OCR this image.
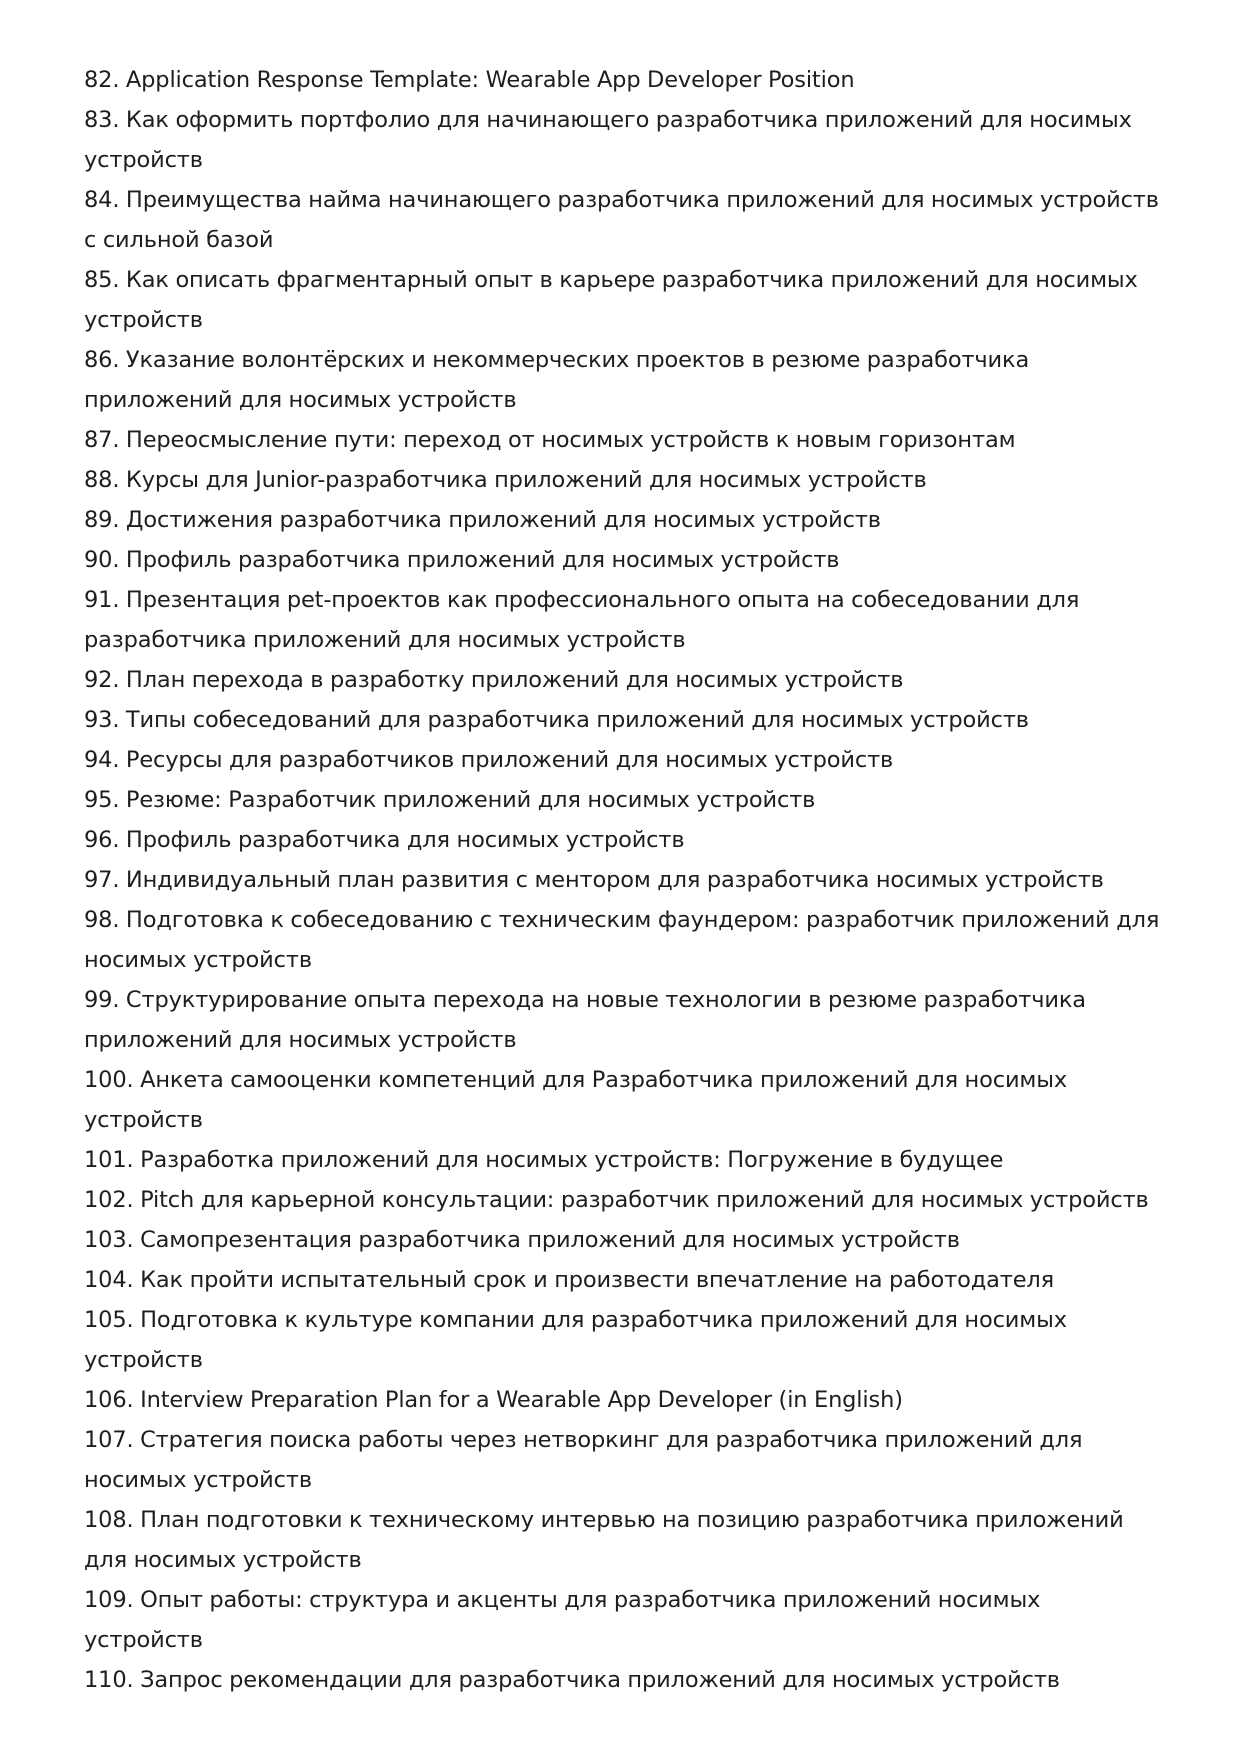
82. Application Response Template: Wearable App Developer Position
83. Как оформить портфолио для начинающего разработчика приложений для носимых устройств
84. Преимущества найма начинающего разработчика приложений для носимых устройств с сильной базой
85. Как описать фрагментарный опыт в карьере разработчика приложений для носимых устройств
86. Указание волонтёрских и некоммерческих проектов в резюме разработчика приложений для носимых устройств
87. Переосмысление пути: переход от носимых устройств к новым горизонтам
88. Курсы для Junior-разработчика приложений для носимых устройств
89. Достижения разработчика приложений для носимых устройств
90. Профиль разработчика приложений для носимых устройств
91. Презентация pet-проектов как профессионального опыта на собеседовании для разработчика приложений для носимых устройств
92. План перехода в разработку приложений для носимых устройств
93. Типы собеседований для разработчика приложений для носимых устройств
94. Ресурсы для разработчиков приложений для носимых устройств
95. Резюме: Разработчик приложений для носимых устройств
96. Профиль разработчика для носимых устройств
97. Индивидуальный план развития с ментором для разработчика носимых устройств
98. Подготовка к собеседованию с техническим фаундером: разработчик приложений для носимых устройств
99. Структурирование опыта перехода на новые технологии в резюме разработчика приложений для носимых устройств
100. Анкета самооценки компетенций для Разработчика приложений для носимых устройств
101. Разработка приложений для носимых устройств: Погружение в будущее
102. Pitch для карьерной консультации: разработчик приложений для носимых устройств
103. Самопрезентация разработчика приложений для носимых устройств
104. Как пройти испытательный срок и произвести впечатление на работодателя
105. Подготовка к культуре компании для разработчика приложений для носимых устройств
106. Interview Preparation Plan for a Wearable App Developer (in English)
107. Стратегия поиска работы через нетворкинг для разработчика приложений для носимых устройств
108. План подготовки к техническому интервью на позицию разработчика приложений для носимых устройств
109. Опыт работы: структура и акценты для разработчика приложений носимых устройств
110. Запрос рекомендации для разработчика приложений для носимых устройств
